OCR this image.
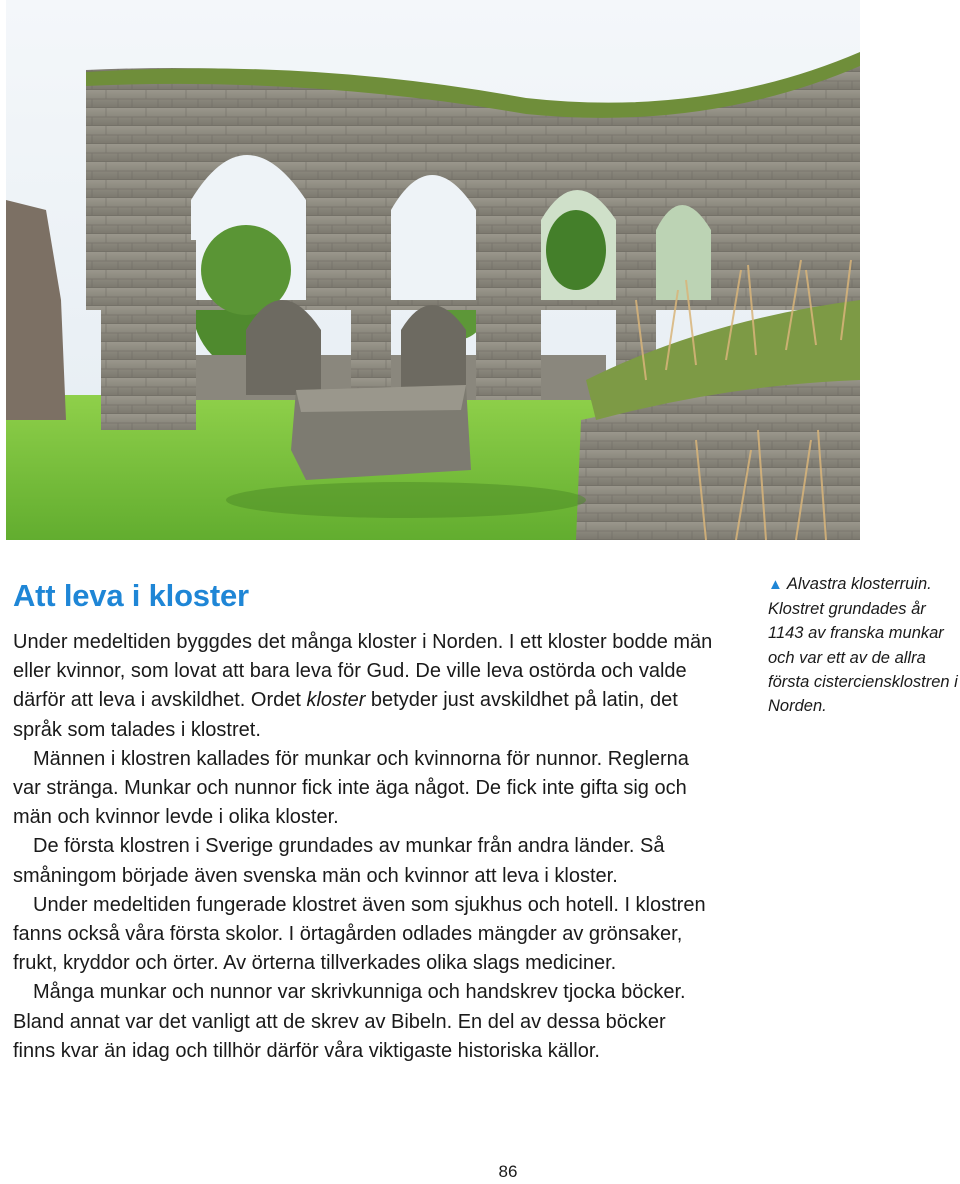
Att leva i kloster

Under medeltiden byggdes det många kloster i Norden. I ett kloster bodde män eller kvinnor, som lovat att bara leva för Gud. De ville leva ostörda och valde därför att leva i avskildhet. Ordet kloster betyder just avskildhet på latin, det språk som talades i klostret.

Männen i klostren kallades för munkar och kvinnorna för nunnor. Reglerna var stränga. Munkar och nunnor fick inte äga något. De fick inte gifta sig och män och kvinnor levde i olika kloster.

De första klostren i Sverige grundades av munkar från andra länder. Så småningom började även svenska män och kvinnor att leva i kloster.

Under medeltiden fungerade klostret även som sjukhus och hotell. I klostren fanns också våra första skolor. I örtagården odlades mängder av grönsaker, frukt, kryddor och örter. Av örterna tillverkades olika slags mediciner.

Många munkar och nunnor var skrivkunniga och handskrev tjocka böcker. Bland annat var det vanligt att de skrev av Bibeln. En del av dessa böcker finns kvar än idag och tillhör därför våra viktigaste historiska källor.

▲ Alvastra klosterruin. Klostret grundades år 1143 av franska munkar och var ett av de allra första cisterciensklostren i Norden.
86
